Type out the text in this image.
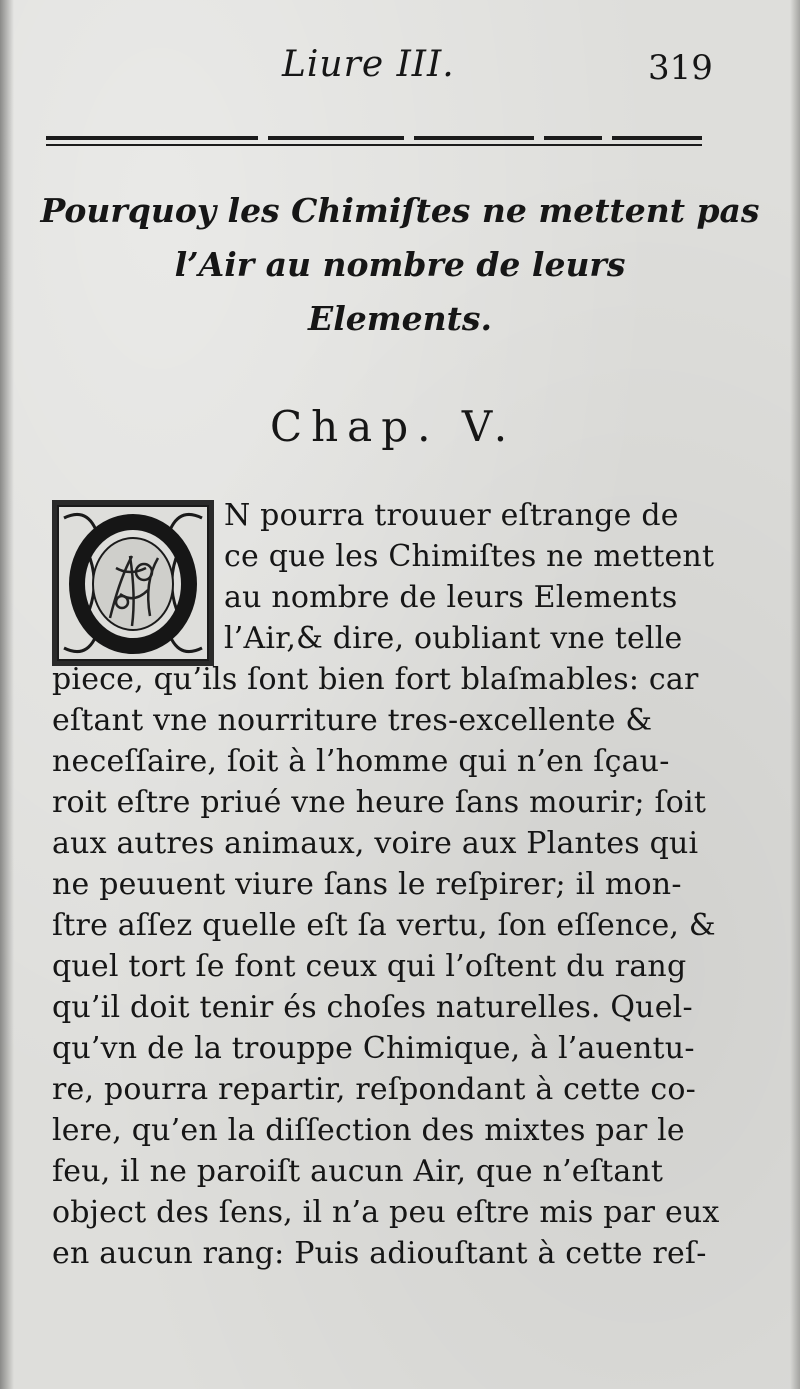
Liure III.	319
Pourquoy les Chimiſtes ne mettent pas
l’Air au nombre de leurs
Elements.
Chap. V.
N pourra trouuer eſtrange de
ce que les Chimiſtes ne mettent
au nombre de leurs Elements
l’Air,& dire, oubliant vne telle
piece, qu’ils ſont bien fort blaſmables: car
eſtant vne nourriture tres-excellente &
neceſſaire, ſoit à l’homme qui n’en ſçau-
roit eſtre priué vne heure ſans mourir; ſoit
aux autres animaux, voire aux Plantes qui
ne peuuent viure ſans le reſpirer; il mon-
ſtre aſſez quelle eſt ſa vertu, ſon eſſence, &
quel tort ſe font ceux qui l’oſtent du rang
qu’il doit tenir és choſes naturelles. Quel-
qu’vn de la trouppe Chimique, à l’auentu-
re, pourra repartir, reſpondant à cette co-
lere, qu’en la diſſection des mixtes par le
feu, il ne paroiſt aucun Air, que n’eſtant
object des ſens, il n’a peu eſtre mis par eux
en aucun rang: Puis adiouſtant à cette reſ-
